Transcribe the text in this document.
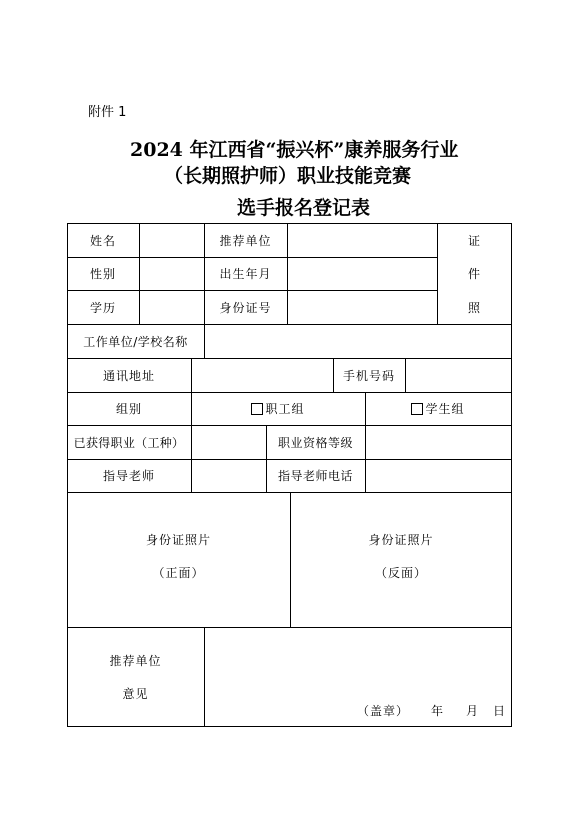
附件 1
2024 年江西省“振兴杯”康养服务行业
（长期照护师）职业技能竞赛
选手报名登记表
姓名	推荐单位
性别	出生年月
学历	身份证号
证
件
照
工作单位/学校名称
通讯地址	手机号码
组别	职工组	学生组
已获得职业（工种）	职业资格等级
指导老师	指导老师电话
身份证照片
（正面）
身份证照片
（反面）
推荐单位
意见
（盖章） 年 月 日
